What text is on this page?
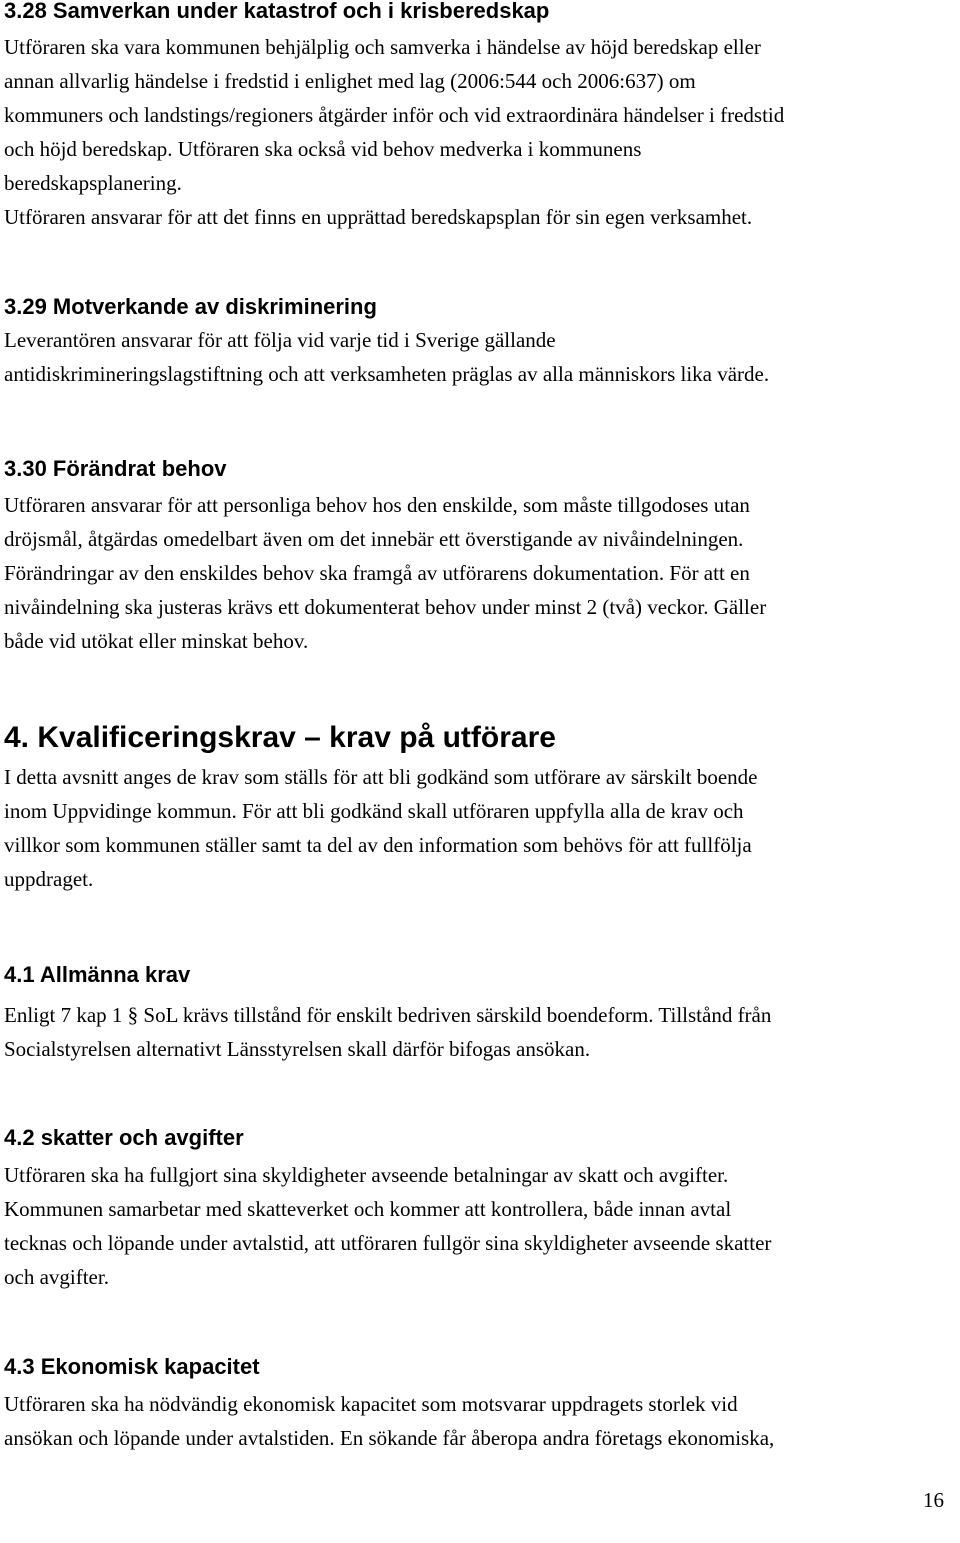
3.28 Samverkan under katastrof och i krisberedskap

Utföraren ska vara kommunen behjälplig och samverka i händelse av höjd beredskap eller
annan allvarlig händelse i fredstid i enlighet med lag (2006:544 och 2006:637) om
kommuners och landstings/regioners åtgärder inför och vid extraordinära händelser i fredstid
och höjd beredskap. Utföraren ska också vid behov medverka i kommunens
beredskapsplanering.
Utföraren ansvarar för att det finns en upprättad beredskapsplan för sin egen verksamhet.

3.29 Motverkande av diskriminering

Leverantören ansvarar för att följa vid varje tid i Sverige gällande
antidiskrimineringslagstiftning och att verksamheten präglas av alla människors lika värde.

3.30 Förändrat behov

Utföraren ansvarar för att personliga behov hos den enskilde, som måste tillgodoses utan
dröjsmål, åtgärdas omedelbart även om det innebär ett överstigande av nivåindelningen.
Förändringar av den enskildes behov ska framgå av utförarens dokumentation. För att en
nivåindelning ska justeras krävs ett dokumenterat behov under minst 2 (två) veckor. Gäller
både vid utökat eller minskat behov.

4. Kvalificeringskrav – krav på utförare

I detta avsnitt anges de krav som ställs för att bli godkänd som utförare av särskilt boende
inom Uppvidinge kommun. För att bli godkänd skall utföraren uppfylla alla de krav och
villkor som kommunen ställer samt ta del av den information som behövs för att fullfölja
uppdraget.

4.1 Allmänna krav

Enligt 7 kap 1 § SoL krävs tillstånd för enskilt bedriven särskild boendeform. Tillstånd från
Socialstyrelsen alternativt Länsstyrelsen skall därför bifogas ansökan.

4.2 skatter och avgifter

Utföraren ska ha fullgjort sina skyldigheter avseende betalningar av skatt och avgifter.
Kommunen samarbetar med skatteverket och kommer att kontrollera, både innan avtal
tecknas och löpande under avtalstid, att utföraren fullgör sina skyldigheter avseende skatter
och avgifter.

4.3 Ekonomisk kapacitet

Utföraren ska ha nödvändig ekonomisk kapacitet som motsvarar uppdragets storlek vid
ansökan och löpande under avtalstiden. En sökande får åberopa andra företags ekonomiska,

16
